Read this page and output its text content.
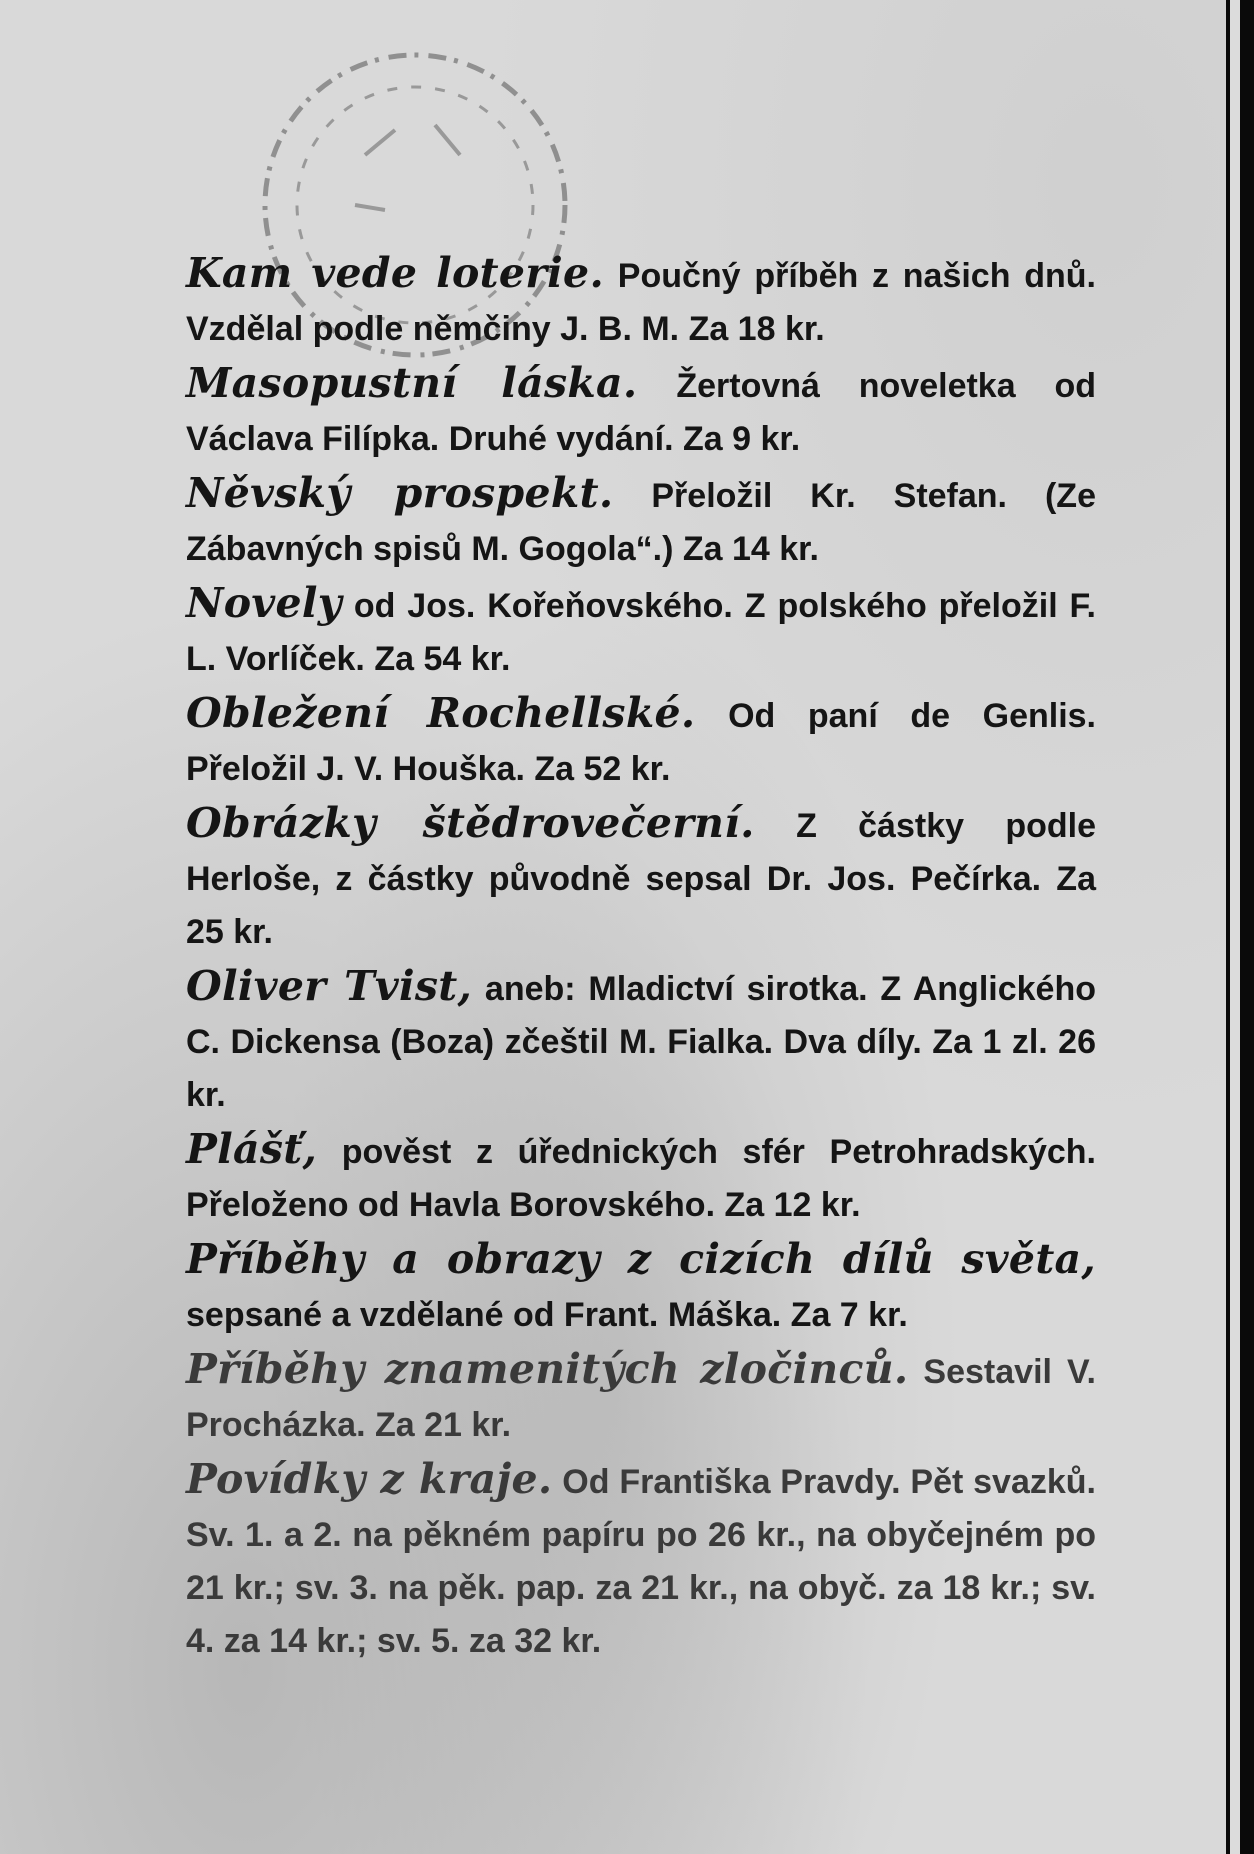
Kam vede loterie. Poučný příběh z našich dnů. Vzdělal podle němčiny J. B. M. Za 18 kr.

Masopustní láska. Žertovná noveletka od Václava Filípka. Druhé vydání. Za 9 kr.

Něvský prospekt. Přeložil Kr. Stefan. (Ze Zábavných spisů M. Gogola“.) Za 14 kr.

Novely od Jos. Kořeňovského. Z polského přeložil F. L. Vorlíček. Za 54 kr.

Obležení Rochellské. Od paní de Genlis. Přeložil J. V. Houška. Za 52 kr.

Obrázky štědrovečerní. Z částky podle Herloše, z částky původně sepsal Dr. Jos. Pečírka. Za 25 kr.

Oliver Tvist, aneb: Mladictví sirotka. Z Anglického C. Dickensa (Boza) zčeštil M. Fialka. Dva díly. Za 1 zl. 26 kr.

Plášť, pověst z úřednických sfér Petrohradských. Přeloženo od Havla Borovského. Za 12 kr.

Příběhy a obrazy z cizích dílů světa, sepsané a vzdělané od Frant. Máška. Za 7 kr.

Příběhy znamenitých zločinců. Sestavil V. Procházka. Za 21 kr.

Povídky z kraje. Od Františka Pravdy. Pět svazků. Sv. 1. a 2. na pěkném papíru po 26 kr., na obyčejném po 21 kr.; sv. 3. na pěk. pap. za 21 kr., na obyč. za 18 kr.; sv. 4. za 14 kr.; sv. 5. za 32 kr.
